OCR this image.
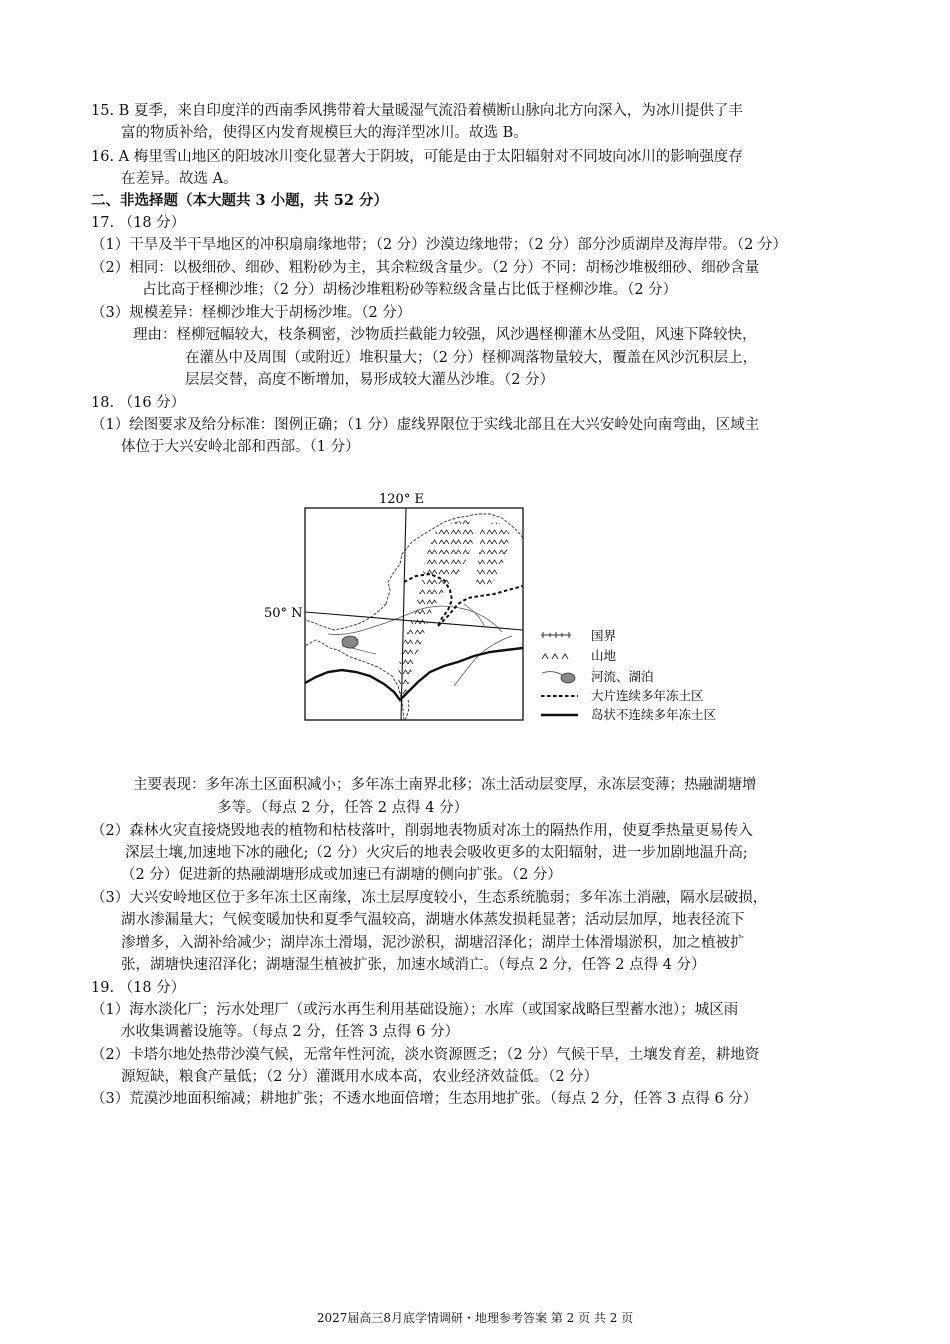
15. B 夏季，来自印度洋的西南季风携带着大量暖湿气流沿着横断山脉向北方向深入，为冰川提供了丰
富的物质补给，使得区内发育规模巨大的海洋型冰川。故选 B。
16. A 梅里雪山地区的阳坡冰川变化显著大于阴坡，可能是由于太阳辐射对不同坡向冰川的影响强度存
在差异。故选 A。
二、非选择题（本大题共 3 小题，共 52 分）
17. （18 分）
（1）干旱及半干旱地区的冲积扇扇缘地带；（2 分）沙漠边缘地带；（2 分）部分沙质湖岸及海岸带。（2 分）
（2）相同：以极细砂、细砂、粗粉砂为主，其余粒级含量少。（2 分）不同：胡杨沙堆极细砂、细砂含量
占比高于柽柳沙堆；（2 分）胡杨沙堆粗粉砂等粒级含量占比低于柽柳沙堆。（2 分）
（3）规模差异：柽柳沙堆大于胡杨沙堆。（2 分）
理由：柽柳冠幅较大，枝条稠密，沙物质拦截能力较强，风沙遇柽柳灌木丛受阻，风速下降较快，
在灌丛中及周围（或附近）堆积量大；（2 分）柽柳凋落物量较大，覆盖在风沙沉积层上，
层层交替，高度不断增加，易形成较大灌丛沙堆。（2 分）
18. （16 分）
（1）绘图要求及给分标准：图例正确；（1 分）虚线界限位于实线北部且在大兴安岭处向南弯曲，区域主
体位于大兴安岭北部和西部。（1 分）
主要表现：多年冻土区面积减小；多年冻土南界北移；冻土活动层变厚，永冻层变薄；热融湖塘增
多等。（每点 2 分，任答 2 点得 4 分）
（2）森林火灾直接烧毁地表的植物和枯枝落叶，削弱地表物质对冻土的隔热作用，使夏季热量更易传入
深层土壤,加速地下冰的融化;（2 分）火灾后的地表会吸收更多的太阳辐射，进一步加剧地温升高;
（2 分）促进新的热融湖塘形成或加速已有湖塘的侧向扩张。（2 分）
（3）大兴安岭地区位于多年冻土区南缘，冻土层厚度较小，生态系统脆弱；多年冻土消融，隔水层破损，
湖水渗漏量大；气候变暖加快和夏季气温较高，湖塘水体蒸发损耗显著；活动层加厚，地表径流下
渗增多，入湖补给减少；湖岸冻土滑塌，泥沙淤积，湖塘沼泽化；湖岸土体滑塌淤积，加之植被扩
张，湖塘快速沼泽化；湖塘湿生植被扩张，加速水域消亡。（每点 2 分，任答 2 点得 4 分）
19. （18 分）
（1）海水淡化厂；污水处理厂（或污水再生利用基础设施）；水库（或国家战略巨型蓄水池）；城区雨
水收集调蓄设施等。（每点 2 分，任答 3 点得 6 分）
（2）卡塔尔地处热带沙漠气候，无常年性河流，淡水资源匮乏；（2 分）气候干旱，土壤发育差，耕地资
源短缺，粮食产量低；（2 分）灌溉用水成本高，农业经济效益低。（2 分）
（3）荒漠沙地面积缩减；耕地扩张；不透水地面倍增；生态用地扩张。（每点 2 分，任答 3 点得 6 分）
120° E
50° N
国界
山地
河流、湖泊
大片连续多年冻土区
岛状不连续多年冻土区
2027届高三8月底学情调研・地理参考答案 第 2 页 共 2 页
